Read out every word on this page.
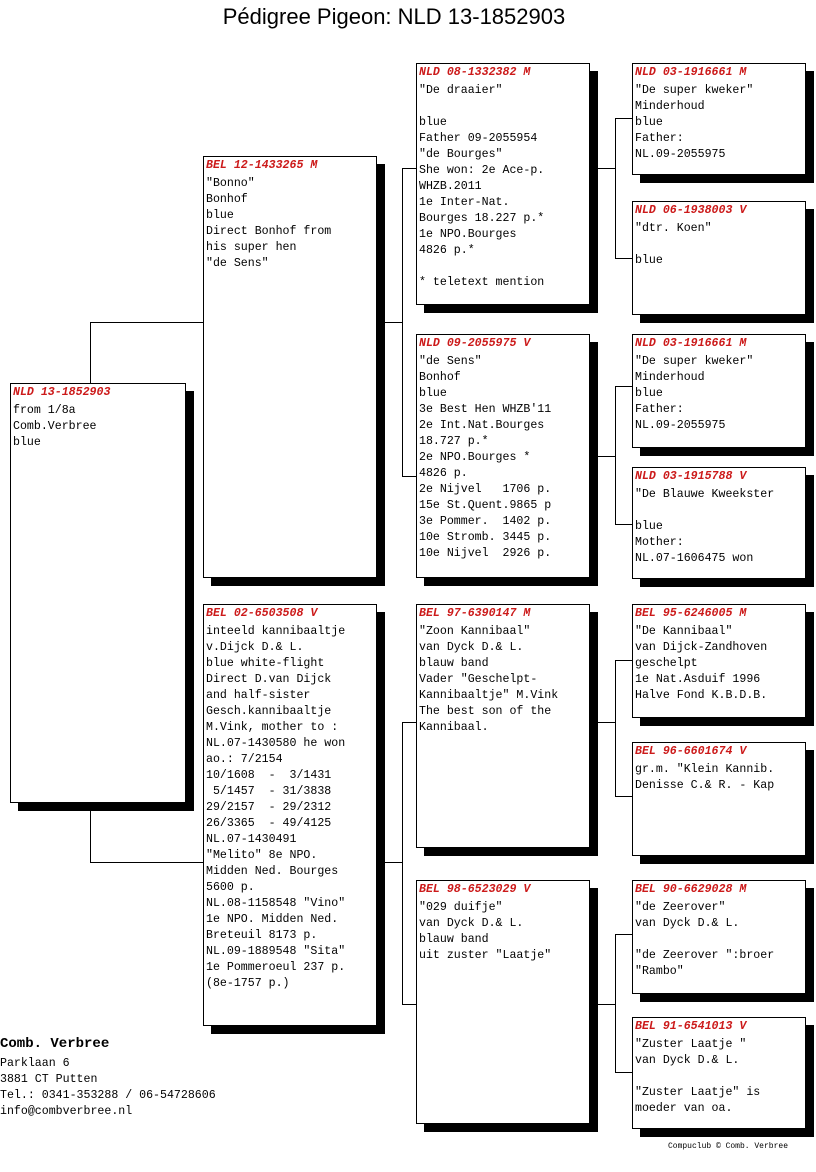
Pédigree Pigeon: NLD 13-1852903
NLD 13-1852903
from 1/8a
Comb.Verbree
blue
BEL 12-1433265 M
"Bonno"
Bonhof
blue
Direct Bonhof from
his super hen
"de Sens"
BEL 02-6503508 V
inteeld kannibaaltje
v.Dijck D.& L.
blue white-flight
Direct D.van Dijck
and half-sister
Gesch.kannibaaltje
M.Vink, mother to :
NL.07-1430580 he won
ao.: 7/2154
10/1608  -  3/1431
5/1457  - 31/3838
29/2157  - 29/2312
26/3365  - 49/4125
NL.07-1430491
"Melito" 8e NPO.
Midden Ned. Bourges
5600 p.
NL.08-1158548 "Vino"
1e NPO. Midden Ned.
Breteuil 8173 p.
NL.09-1889548 "Sita"
1e Pommeroeul 237 p.
(8e-1757 p.)
NLD 08-1332382 M
"De draaier"

blue
Father 09-2055954
"de Bourges"
She won: 2e Ace-p.
WHZB.2011
1e Inter-Nat.
Bourges 18.227 p.*
1e NPO.Bourges
4826 p.*

* teletext mention
NLD 09-2055975 V
"de Sens"
Bonhof
blue
3e Best Hen WHZB'11
2e Int.Nat.Bourges
18.727 p.*
2e NPO.Bourges *
4826 p.
2e Nijvel   1706 p.
15e St.Quent.9865 p
3e Pommer.  1402 p.
10e Stromb. 3445 p.
10e Nijvel  2926 p.
BEL 97-6390147 M
"Zoon Kannibaal"
van Dyck D.& L.
blauw band
Vader "Geschelpt-
Kannibaaltje" M.Vink
The best son of the
Kannibaal.
BEL 98-6523029 V
"029 duifje"
van Dyck D.& L.
blauw band
uit zuster "Laatje"
NLD 03-1916661 M
"De super kweker"
Minderhoud
blue
Father:
NL.09-2055975
NLD 06-1938003 V
"dtr. Koen"

blue
NLD 03-1916661 M
"De super kweker"
Minderhoud
blue
Father:
NL.09-2055975
NLD 03-1915788 V
"De Blauwe Kweekster

blue
Mother:
NL.07-1606475 won
BEL 95-6246005 M
"De Kannibaal"
van Dijck-Zandhoven
geschelpt
1e Nat.Asduif 1996
Halve Fond K.B.D.B.
BEL 96-6601674 V
gr.m. "Klein Kannib.
Denisse C.& R. - Kap
BEL 90-6629028 M
"de Zeerover"
van Dyck D.& L.

"de Zeerover ":broer
"Rambo"
BEL 91-6541013 V
"Zuster Laatje "
van Dyck D.& L.

"Zuster Laatje" is
moeder van oa.
Comb. Verbree
Parklaan 6
3881 CT Putten
Tel.: 0341-353288 / 06-54728606
info@combverbree.nl
Compuclub © Comb. Verbree
